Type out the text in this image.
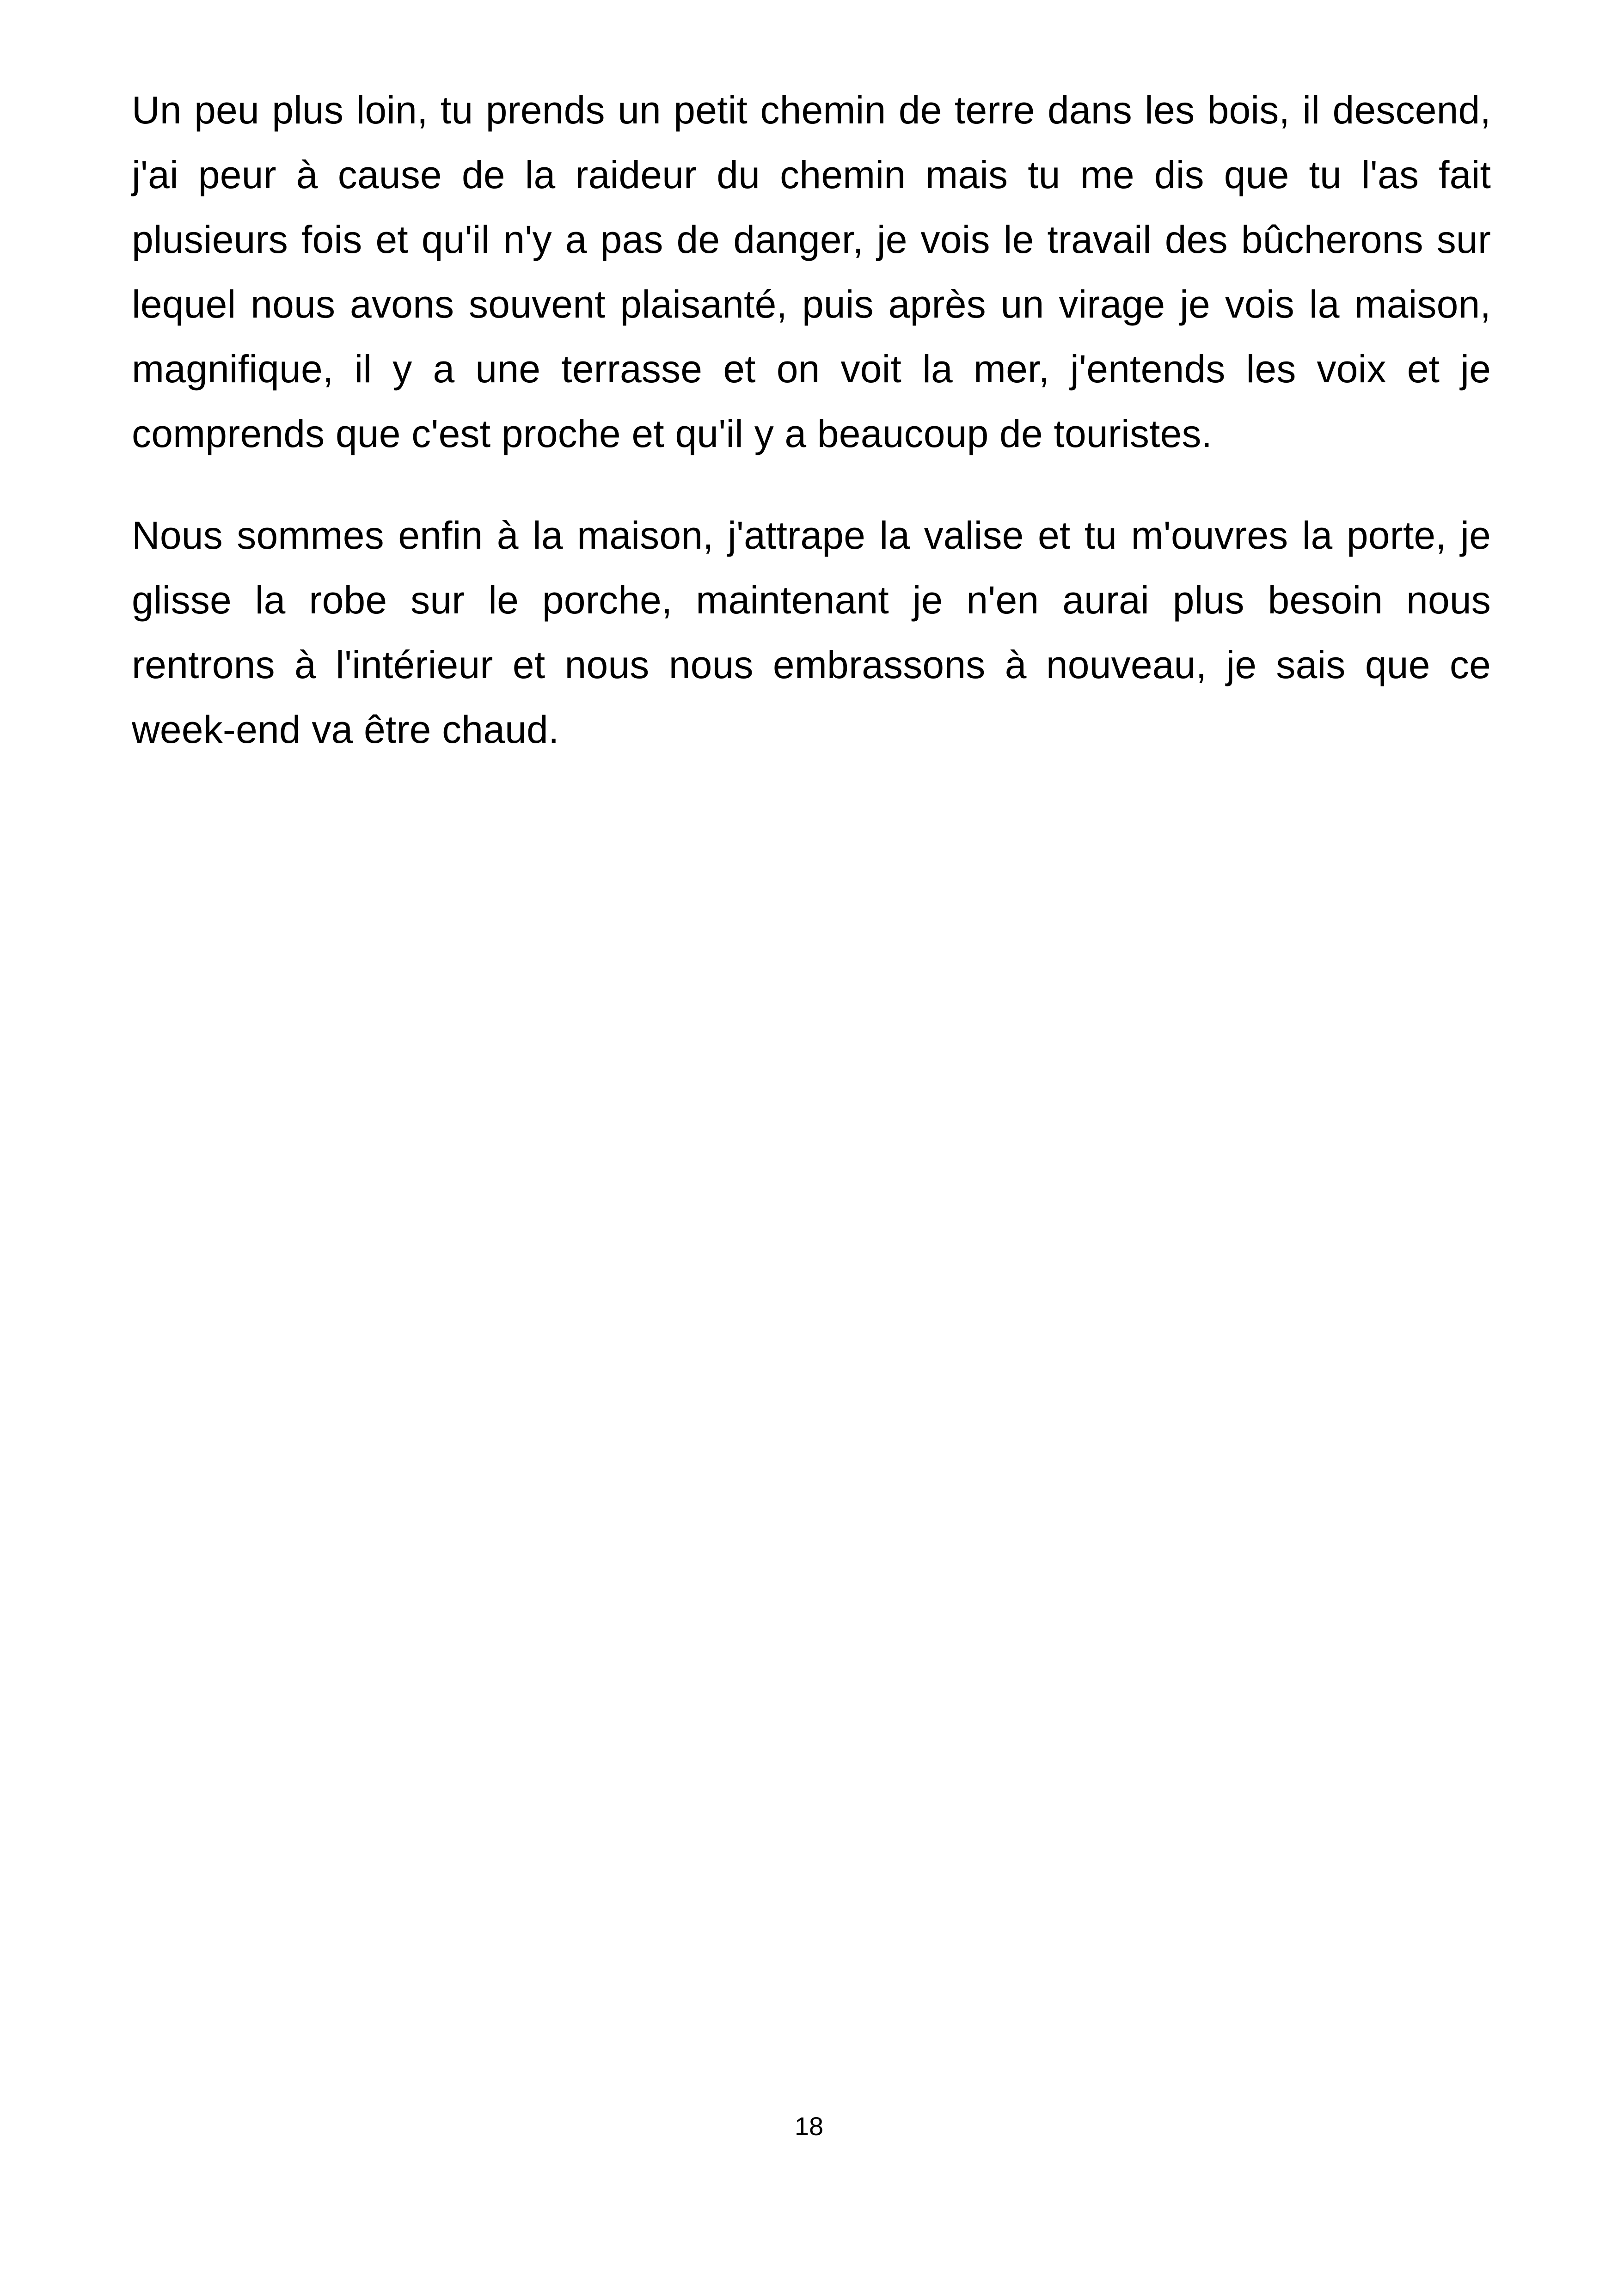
Un peu plus loin, tu prends un petit chemin de terre dans les bois, il descend, j'ai peur à cause de la raideur du chemin mais tu me dis que tu l'as fait plusieurs fois et qu'il n'y a pas de danger, je vois le travail des bûcherons sur lequel nous avons souvent plaisanté, puis après un virage je vois la maison, magnifique, il y a une terrasse et on voit la mer, j'entends les voix et je comprends que c'est proche et qu'il y a beaucoup de touristes.

Nous sommes enfin à la maison, j'attrape la valise et tu m'ouvres la porte, je glisse la robe sur le porche, maintenant je n'en aurai plus besoin nous rentrons à l'intérieur et nous nous embrassons à nouveau, je sais que ce week-end va être chaud.

18
